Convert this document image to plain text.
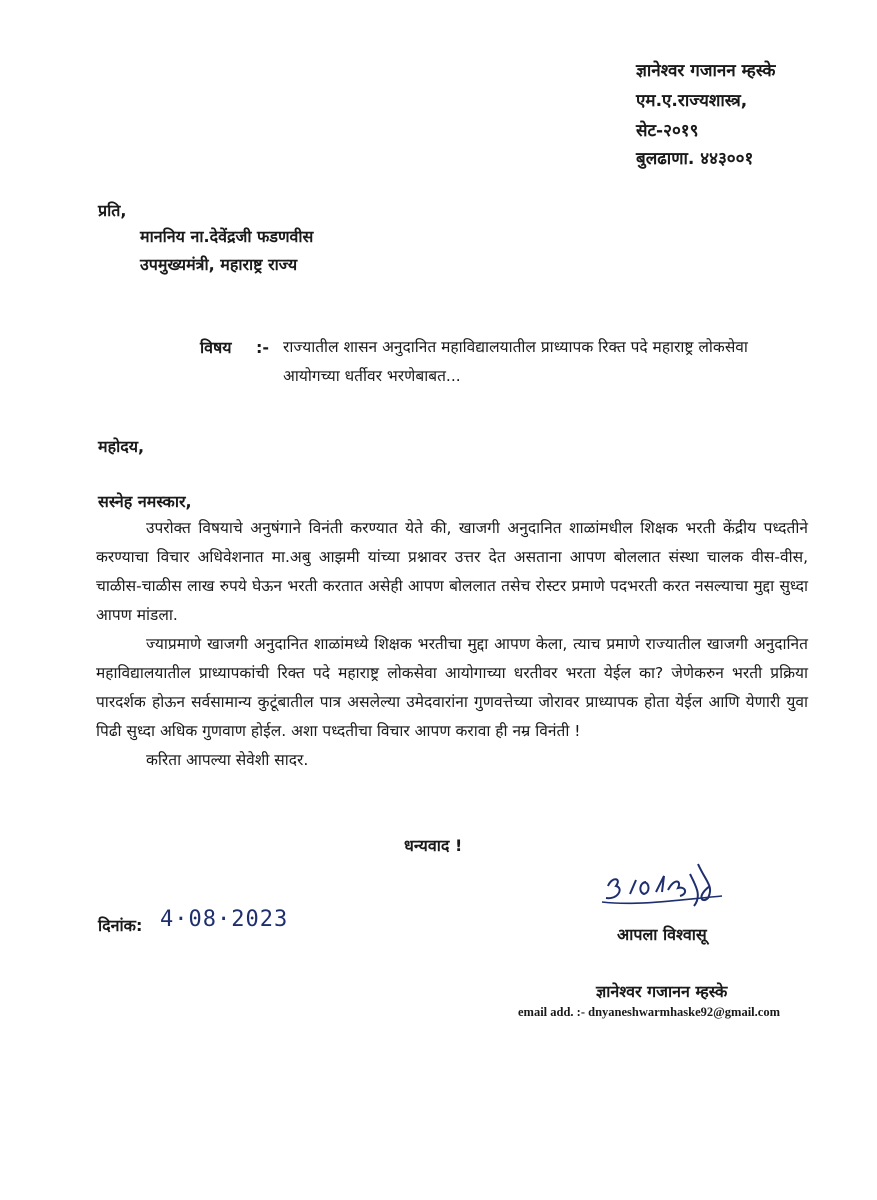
ज्ञानेश्वर गजानन म्हस्के
एम.ए.राज्यशास्त्र,
सेट-२०१९
बुलढाणा. ४४३००१
प्रति,
माननिय ना.देवेंद्रजी फडणवीस
उपमुख्यमंत्री, महाराष्ट्र राज्य
विषय :- राज्यातील शासन अनुदानित महाविद्यालयातील प्राध्यापक रिक्त पदे महाराष्ट्र लोकसेवा
आयोगच्या धर्तीवर भरणेबाबत...
महोदय,
सस्नेह नमस्कार,
उपरोक्त विषयाचे अनुषंगाने विनंती करण्यात येते की, खाजगी अनुदानित शाळांमधील शिक्षक भरती केंद्रीय पध्दतीने करण्याचा विचार अधिवेशनात मा.अबु आझमी यांच्या प्रश्नावर उत्तर देत असताना आपण बोललात संस्था चालक वीस-वीस, चाळीस-चाळीस लाख रुपये घेऊन भरती करतात असेही आपण बोललात तसेच रोस्टर प्रमाणे पदभरती करत नसल्याचा मुद्दा सुध्दा आपण मांडला.
ज्याप्रमाणे खाजगी अनुदानित शाळांमध्ये शिक्षक भरतीचा मुद्दा आपण केला, त्याच प्रमाणे राज्यातील खाजगी अनुदानित महाविद्यालयातील प्राध्यापकांची रिक्त पदे महाराष्ट्र लोकसेवा आयोगाच्या धरतीवर भरता येईल का? जेणेकरुन भरती प्रक्रिया पारदर्शक होऊन सर्वसामान्य कुटूंबातील पात्र असलेल्या उमेदवारांना गुणवत्तेच्या जोरावर प्राध्यापक होता येईल आणि येणारी युवा पिढी सुध्दा अधिक गुणवाण होईल. अशा पध्दतीचा विचार आपण करावा ही नम्र विनंती !
करिता आपल्या सेवेशी सादर.
धन्यवाद !
दिनांक: 4·08·2023
आपला विश्वासू
ज्ञानेश्वर गजानन म्हस्के
email add. :- dnyaneshwarmhaske92@gmail.com
